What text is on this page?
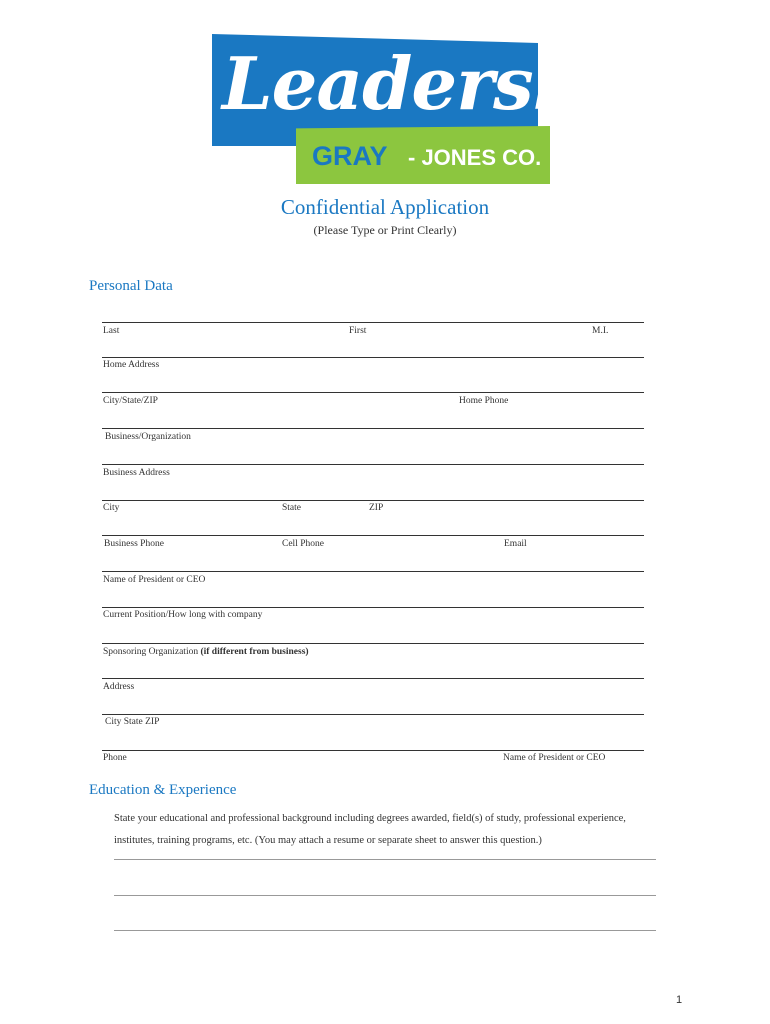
Leadership
GRAY - JONES CO.
Confidential Application
(Please Type or Print Clearly)
Personal Data
Last	First	M.I.
Home Address
City/State/ZIP	Home Phone
Business/Organization
Business Address
City	State	ZIP
Business Phone	Cell Phone	Email
Name of President or CEO
Current Position/How long with company
Sponsoring Organization (if different from business)
Address
City State ZIP
Phone	Name of President or CEO
Education & Experience
State your educational and professional background including degrees awarded, field(s) of study, professional experience, institutes, training programs, etc. (You may attach a resume or separate sheet to answer this question.)
1
